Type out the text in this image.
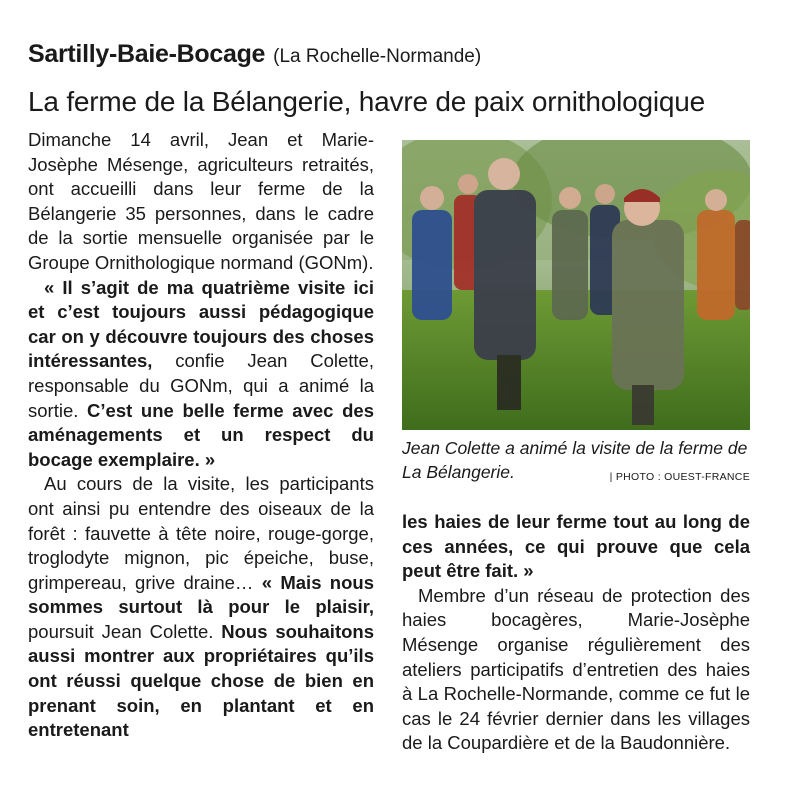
Sartilly-Baie-Bocage (La Rochelle-Normande)
La ferme de la Bélangerie, havre de paix ornithologique

Dimanche 14 avril, Jean et Marie-Josèphe Mésenge, agriculteurs retraités, ont accueilli dans leur ferme de la Bélangerie 35 personnes, dans le cadre de la sortie mensuelle organisée par le Groupe Ornithologique normand (GONm).

« Il s’agit de ma quatrième visite ici et c’est toujours aussi pédagogique car on y découvre toujours des choses intéressantes, confie Jean Colette, responsable du GONm, qui a animé la sortie. C’est une belle ferme avec des aménagements et un respect du bocage exemplaire. »

Au cours de la visite, les participants ont ainsi pu entendre des oiseaux de la forêt : fauvette à tête noire, rouge-gorge, troglodyte mignon, pic épeiche, buse, grimpereau, grive draine… « Mais nous sommes surtout là pour le plaisir, poursuit Jean Colette. Nous souhaitons aussi montrer aux propriétaires qu’ils ont réussi quelque chose de bien en prenant soin, en plantant et en entretenant

Jean Colette a animé la visite de la ferme de La Bélangerie.	| PHOTO : OUEST-FRANCE

les haies de leur ferme tout au long de ces années, ce qui prouve que cela peut être fait. »

Membre d’un réseau de protection des haies bocagères, Marie-Josèphe Mésenge organise régulièrement des ateliers participatifs d’entretien des haies à La Rochelle-Normande, comme ce fut le cas le 24 février dernier dans les villages de la Coupardière et de la Baudonnière.
